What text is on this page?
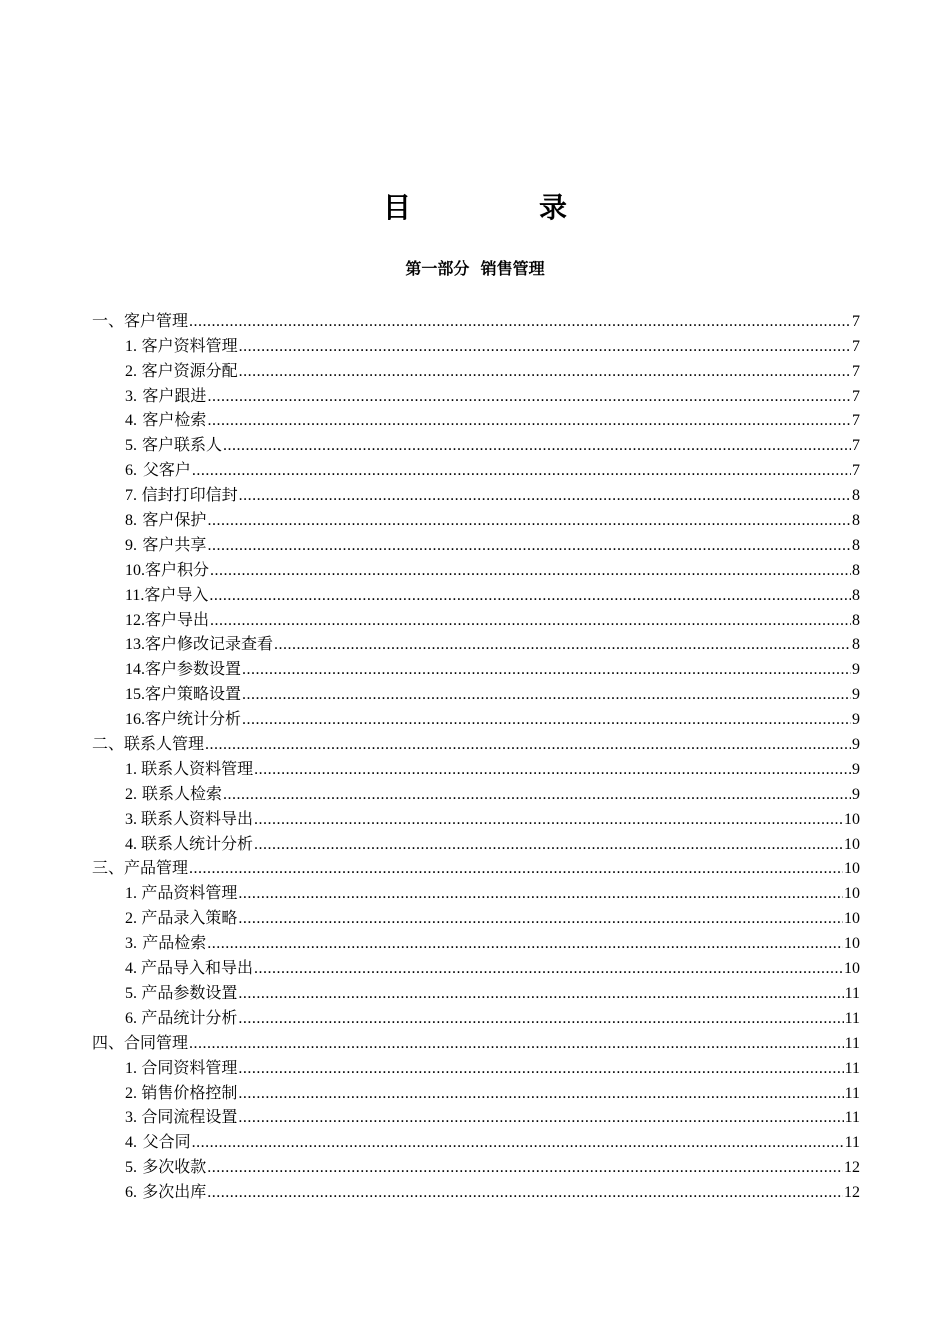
目　录
第一部分  销售管理
一、 客户管理 .....	7
1. 客户资料管理 .....	7
2. 客户资源分配 .....	7
3. 客户跟进 .....	7
4. 客户检索 .....	7
5. 客户联系人 .....	7
6. 父客户 .....	7
7. 信封打印信封 .....	8
8. 客户保护 .....	8
9. 客户共享 .....	8
10. 客户积分 .....	8
11. 客户导入 .....	8
12. 客户导出 .....	8
13. 客户修改记录查看 .....	8
14. 客户参数设置 .....	9
15. 客户策略设置 .....	9
16. 客户统计分析 .....	9
二、 联系人管理 .....	9
1. 联系人资料管理 .....	9
2. 联系人检索 .....	9
3. 联系人资料导出 .....	10
4. 联系人统计分析 .....	10
三、 产品管理 .....	10
1. 产品资料管理 .....	10
2. 产品录入策略 .....	10
3. 产品检索 .....	10
4. 产品导入和导出 .....	10
5. 产品参数设置 .....	11
6. 产品统计分析 .....	11
四、 合同管理 .....	11
1. 合同资料管理 .....	11
2. 销售价格控制 .....	11
3. 合同流程设置 .....	11
4. 父合同 .....	11
5. 多次收款 .....	12
6. 多次出库 .....	12
